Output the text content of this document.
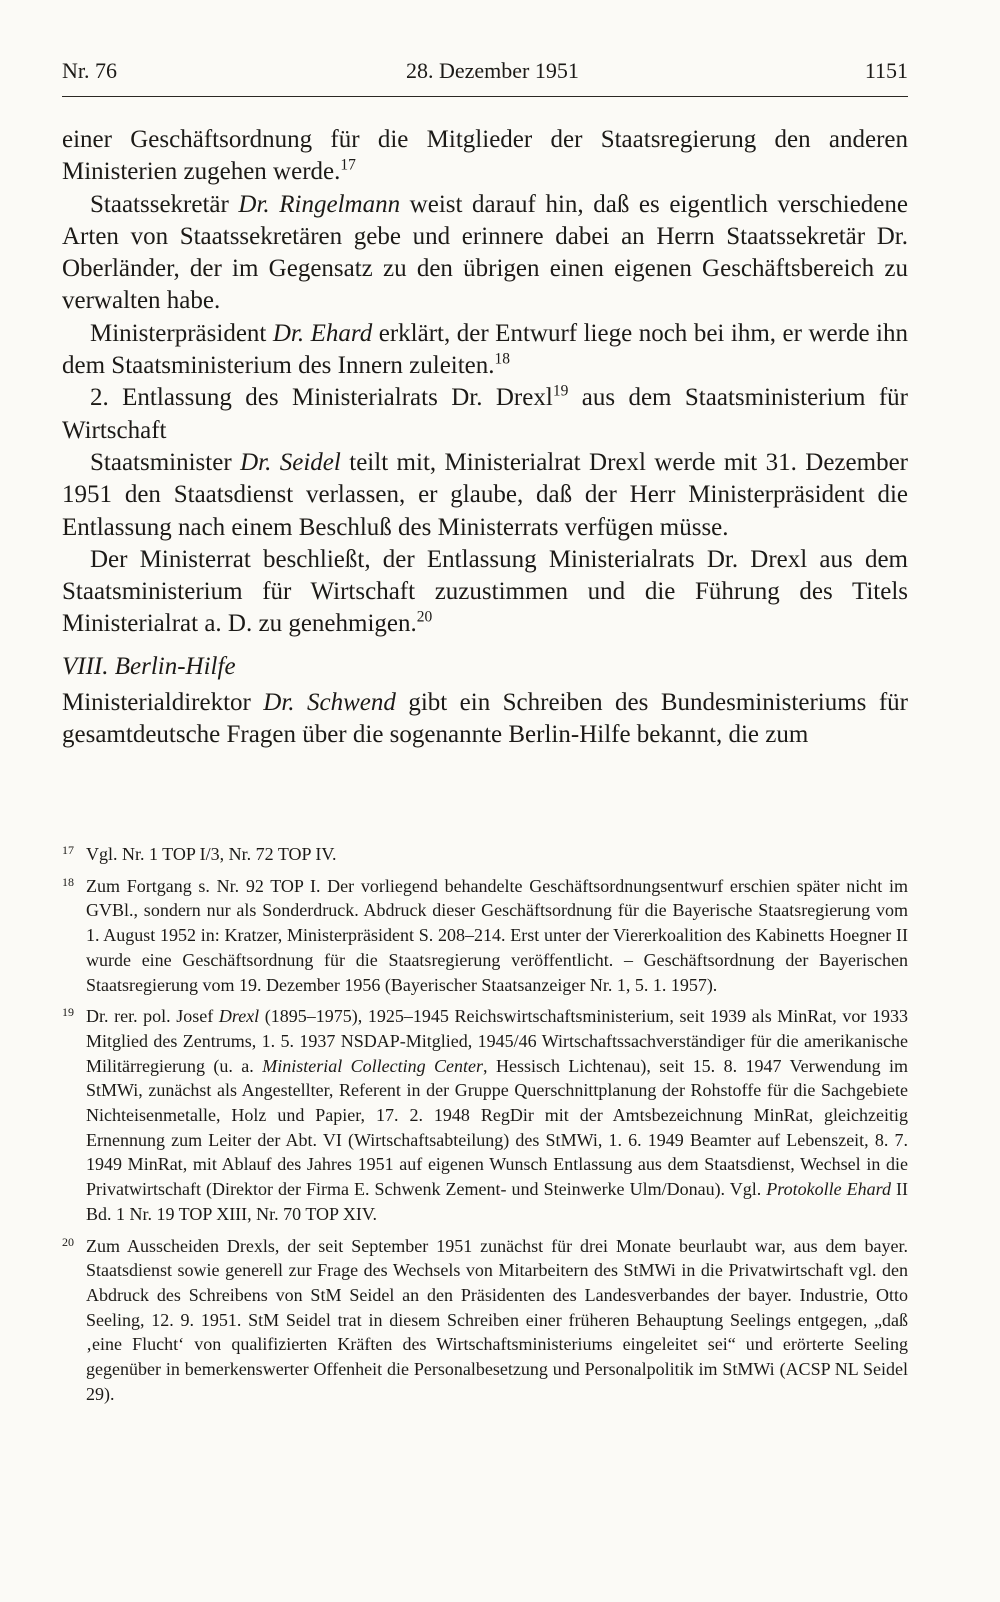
Nr. 76	28. Dezember 1951	1151

einer Geschäftsordnung für die Mitglieder der Staatsregierung den anderen Ministerien zugehen werde.$^{17}$

Staatssekretär Dr. Ringelmann weist darauf hin, daß es eigentlich verschiedene Arten von Staatssekretären gebe und erinnere dabei an Herrn Staatssekretär Dr. Oberländer, der im Gegensatz zu den übrigen einen eigenen Geschäftsbereich zu verwalten habe.

Ministerpräsident Dr. Ehard erklärt, der Entwurf liege noch bei ihm, er werde ihn dem Staatsministerium des Innern zuleiten.$^{18}$

2. Entlassung des Ministerialrats Dr. Drexl$^{19}$ aus dem Staatsministerium für Wirtschaft

Staatsminister Dr. Seidel teilt mit, Ministerialrat Drexl werde mit 31. Dezember 1951 den Staatsdienst verlassen, er glaube, daß der Herr Ministerpräsident die Entlassung nach einem Beschluß des Ministerrats verfügen müsse.

Der Ministerrat beschließt, der Entlassung Ministerialrats Dr. Drexl aus dem Staatsministerium für Wirtschaft zuzustimmen und die Führung des Titels Ministerialrat a. D. zu genehmigen.$^{20}$

VIII. Berlin-Hilfe

Ministerialdirektor Dr. Schwend gibt ein Schreiben des Bundesministeriums für gesamtdeutsche Fragen über die sogenannte Berlin-Hilfe bekannt, die zum

17 Vgl. Nr. 1 TOP I/3, Nr. 72 TOP IV.
18 Zum Fortgang s. Nr. 92 TOP I. Der vorliegend behandelte Geschäftsordnungsentwurf erschien später nicht im GVBl., sondern nur als Sonderdruck. Abdruck dieser Geschäftsordnung für die Bayerische Staatsregierung vom 1. August 1952 in: Kratzer, Ministerpräsident S. 208–214. Erst unter der Viererkoalition des Kabinetts Hoegner II wurde eine Geschäftsordnung für die Staatsregierung veröffentlicht. – Geschäftsordnung der Bayerischen Staatsregierung vom 19. Dezember 1956 (Bayerischer Staatsanzeiger Nr. 1, 5. 1. 1957).
19 Dr. rer. pol. Josef Drexl (1895–1975), 1925–1945 Reichswirtschaftsministerium, seit 1939 als MinRat, vor 1933 Mitglied des Zentrums, 1. 5. 1937 NSDAP-Mitglied, 1945/46 Wirtschaftssachverständiger für die amerikanische Militärregierung (u. a. Ministerial Collecting Center, Hessisch Lichtenau), seit 15. 8. 1947 Verwendung im StMWi, zunächst als Angestellter, Referent in der Gruppe Querschnittplanung der Rohstoffe für die Sachgebiete Nichteisenmetalle, Holz und Papier, 17. 2. 1948 RegDir mit der Amtsbezeichnung MinRat, gleichzeitig Ernennung zum Leiter der Abt. VI (Wirtschaftsabteilung) des StMWi, 1. 6. 1949 Beamter auf Lebenszeit, 8. 7. 1949 MinRat, mit Ablauf des Jahres 1951 auf eigenen Wunsch Entlassung aus dem Staatsdienst, Wechsel in die Privatwirtschaft (Direktor der Firma E. Schwenk Zement- und Steinwerke Ulm/Donau). Vgl. Protokolle Ehard II Bd. 1 Nr. 19 TOP XIII, Nr. 70 TOP XIV.
20 Zum Ausscheiden Drexls, der seit September 1951 zunächst für drei Monate beurlaubt war, aus dem bayer. Staatsdienst sowie generell zur Frage des Wechsels von Mitarbeitern des StMWi in die Privatwirtschaft vgl. den Abdruck des Schreibens von StM Seidel an den Präsidenten des Landesverbandes der bayer. Industrie, Otto Seeling, 12. 9. 1951. StM Seidel trat in diesem Schreiben einer früheren Behauptung Seelings entgegen, „daß ‚eine Flucht‘ von qualifizierten Kräften des Wirtschaftsministeriums eingeleitet sei“ und erörterte Seeling gegenüber in bemerkenswerter Offenheit die Personalbesetzung und Personalpolitik im StMWi (ACSP NL Seidel 29).
